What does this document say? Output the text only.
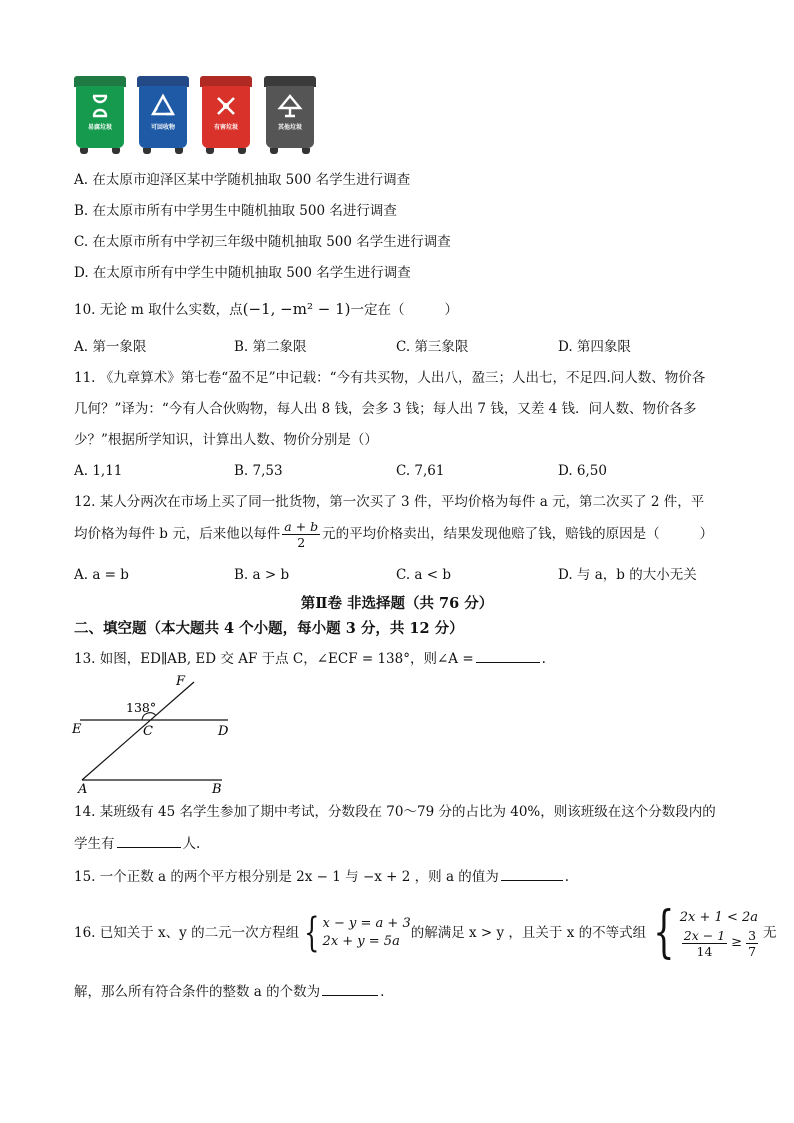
易腐垃圾	可回收物	有害垃圾	其他垃圾
A. 在太原市迎泽区某中学随机抽取 500 名学生进行调查
B. 在太原市所有中学男生中随机抽取 500 名进行调查
C. 在太原市所有中学初三年级中随机抽取 500 名学生进行调查
D. 在太原市所有中学生中随机抽取 500 名学生进行调查
10. 无论 m 取什么实数，点(−1, −m² − 1)一定在（	）
A. 第一象限	B. 第二象限	C. 第三象限	D. 第四象限
11. 《九章算术》第七卷“盈不足”中记载：“今有共买物，人出八，盈三；人出七，不足四.问人数、物价各
几何？”译为：“今有人合伙购物，每人出 8 钱，会多 3 钱；每人出 7 钱，又差 4 钱．问人数、物价各多
少？”根据所学知识，计算出人数、物价分别是（）
A. 1,11	B. 7,53	C. 7,61	D. 6,50
12. 某人分两次在市场上买了同一批货物，第一次买了 3 件，平均价格为每件 a 元，第二次买了 2 件，平
均价格为每件 b 元，后来他以每件 $\frac{a + b}{2}$ 元的平均价格卖出，结果发现他赔了钱，赔钱的原因是（	）
A. a = b	B. a > b	C. a < b	D. 与 a，b 的大小无关
第Ⅱ卷 非选择题（共 76 分）
二、填空题（本大题共 4 个小题，每小题 3 分，共 12 分）
13. 如图，ED∥AB, ED 交 AF 于点 C，∠ECF = 138°，则∠A =	.
138°
F
E	C	D
A	B
14. 某班级有 45 名学生参加了期中考试，分数段在 70～79 分的占比为 40%，则该班级在这个分数段内的
学生有	人.
15. 一个正数 a 的两个平方根分别是 2x − 1 与 −x + 2 ，则 a 的值为	.
16. 已知关于 x、y 的二元一次方程组 { x − y = a + 3
2x + y = 5a
的解满足 x > y ，且关于 x 的不等式组 { 2x + 1 < 2a
$\frac{2x - 1}{14} \ge \frac{3}{7}$ 无
解，那么所有符合条件的整数 a 的个数为	.
